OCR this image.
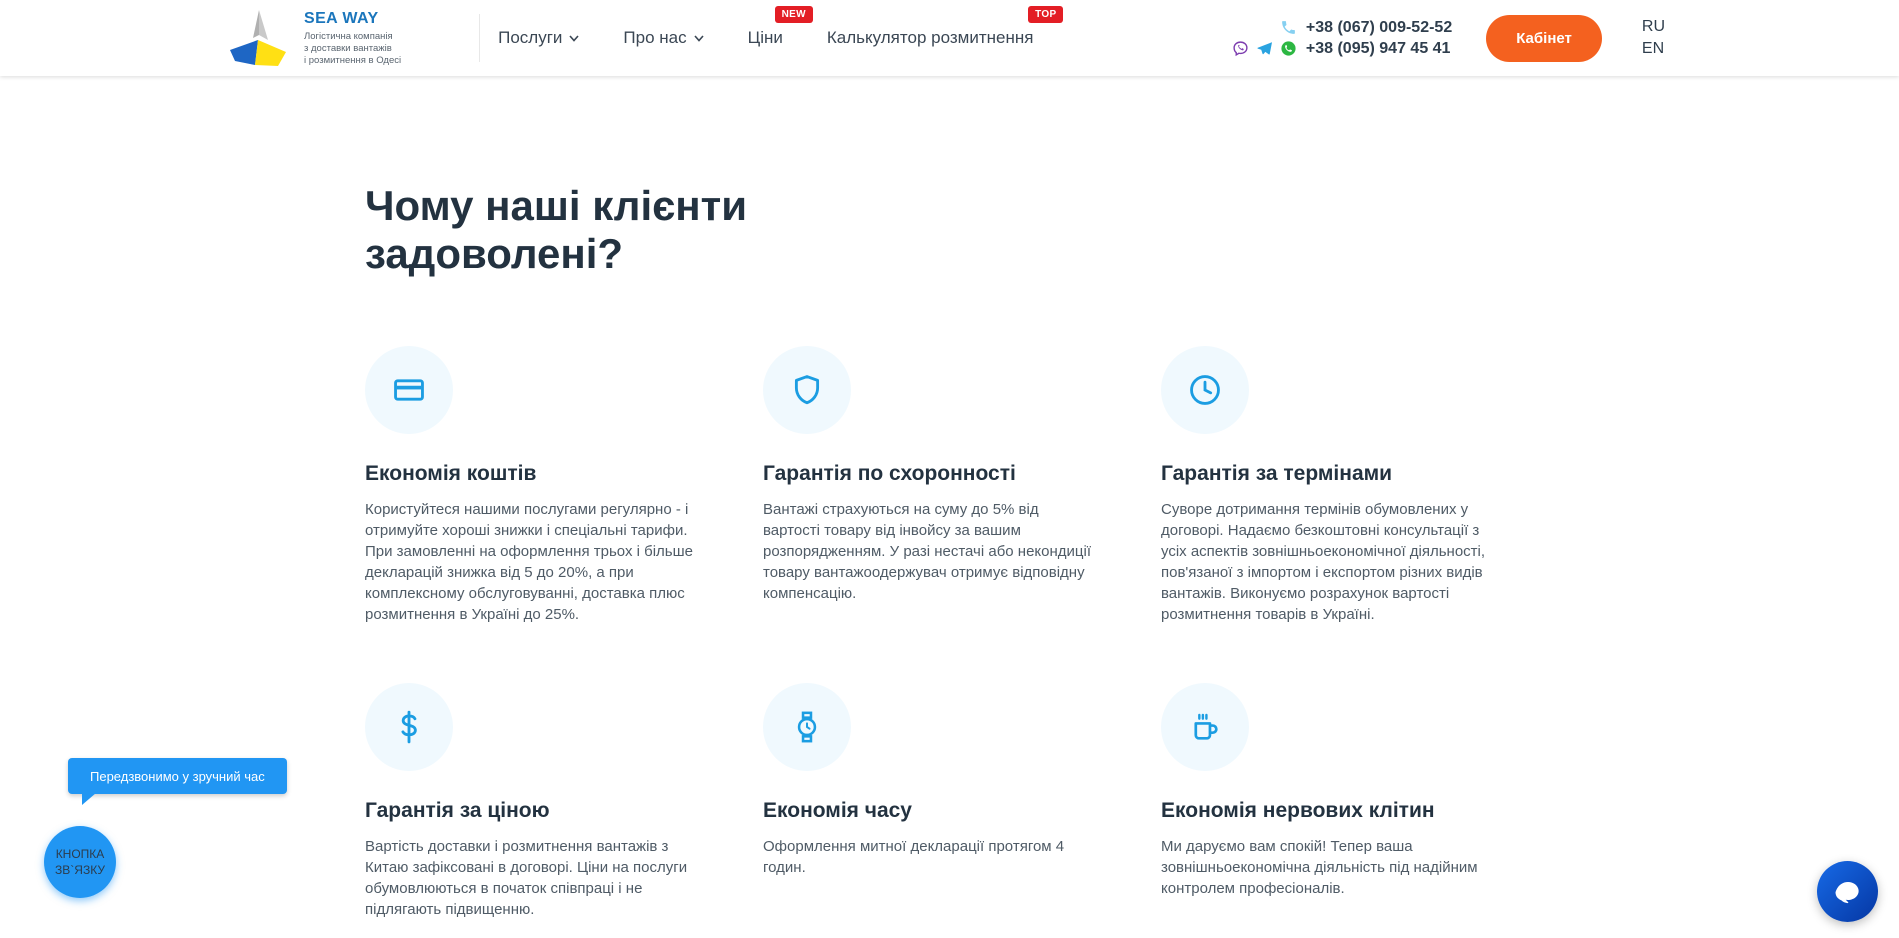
SEA WAY
Логістична компанія
з доставки вантажів
і розмитнення в Одесі
Послуги	Про нас	Ціни
NEW
Калькулятор розмитнення
TOP
+38 (067) 009-52-52
+38 (095) 947 45 41
Кабінет
RU
EN
Чому наші клієнти задоволені?
Економія коштів
Користуйтеся нашими послугами регулярно - і отримуйте хороші знижки і спеціальні тарифи. При замовленні на оформлення трьох і більше декларацій знижка від 5 до 20%, а при комплексному обслуговуванні, доставка плюс розмитнення в Україні до 25%.
Гарантія по схоронності
Вантажі страхуються на суму до 5% від вартості товару від інвойсу за вашим розпорядженням. У разі нестачі або некондиції товару вантажоодержувач отримує відповідну компенсацію.
Гарантія за термінами
Суворе дотримання термінів обумовлених у договорі. Надаємо безкоштовні консультації з усіх аспектів зовнішньоекономічної діяльності, пов'язаної з імпортом і експортом різних видів вантажів. Виконуємо розрахунок вартості розмитнення товарів в Україні.
Гарантія за ціною
Вартість доставки і розмитнення вантажів з Китаю зафіксовані в договорі. Ціни на послуги обумовлюються в початок співпраці і не підлягають підвищенню.
Економія часу
Оформлення митної декларації протягом 4 годин.
Економія нервових клітин
Ми даруємо вам спокій! Тепер ваша зовнішньоекономічна діяльність під надійним контролем професіоналів.
Передзвонимо у зручний час
КНОПКА
ЗВ`ЯЗКУ
